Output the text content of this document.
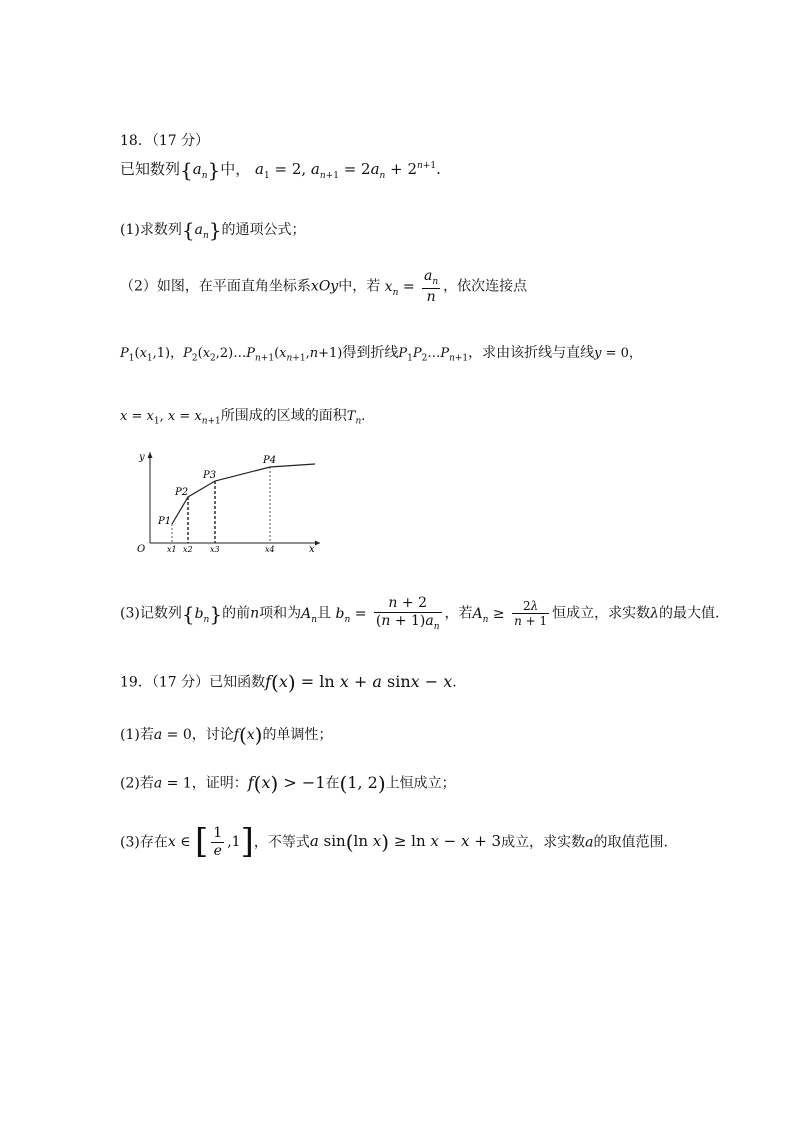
18．（17 分）
已知数列$\{a_n\}$中， $a_1 = 2$, $a_{n+1} = 2a_n + 2^{n+1}$.
(1)求数列$\{a_n\}$的通项公式；
（2）如图，在平面直角坐标系xOy中，若 $x_n = \frac{a_n}{n}$ ，依次连接点
$P_1(x_1,1)$，$P_2(x_2,2)\dots P_{n+1}(x_{n+1},n+1)$得到折线$P_1P_2\dots P_{n+1}$，求由该折线与直线y = 0，
$x = x_1$, $x = x_{n+1}$所围成的区域的面积$T_n$.
y
x
O
P1
P2
P3
P4
x1 x2 x3	x4
(3)记数列$\{b_n\}$的前n项和为$A_n$且 $b_n = \frac{n + 2}{(n + 1)a_n}$ ，若$A_n \ge \frac{2\lambda}{n + 1}$ 恒成立，求实数λ的最大值.
19．（17 分）已知函数f(x) = ln x + a sinx − x.
(1)若a = 0，讨论f(x)的单调性；
(2)若a = 1，证明：f(x) > −1在(1, 2)上恒成立；
(3)存在x ∈ [ $\frac{1}{e} ,1$]，不等式a sin(ln x) ≥ ln x − x + 3成立，求实数a的取值范围.
